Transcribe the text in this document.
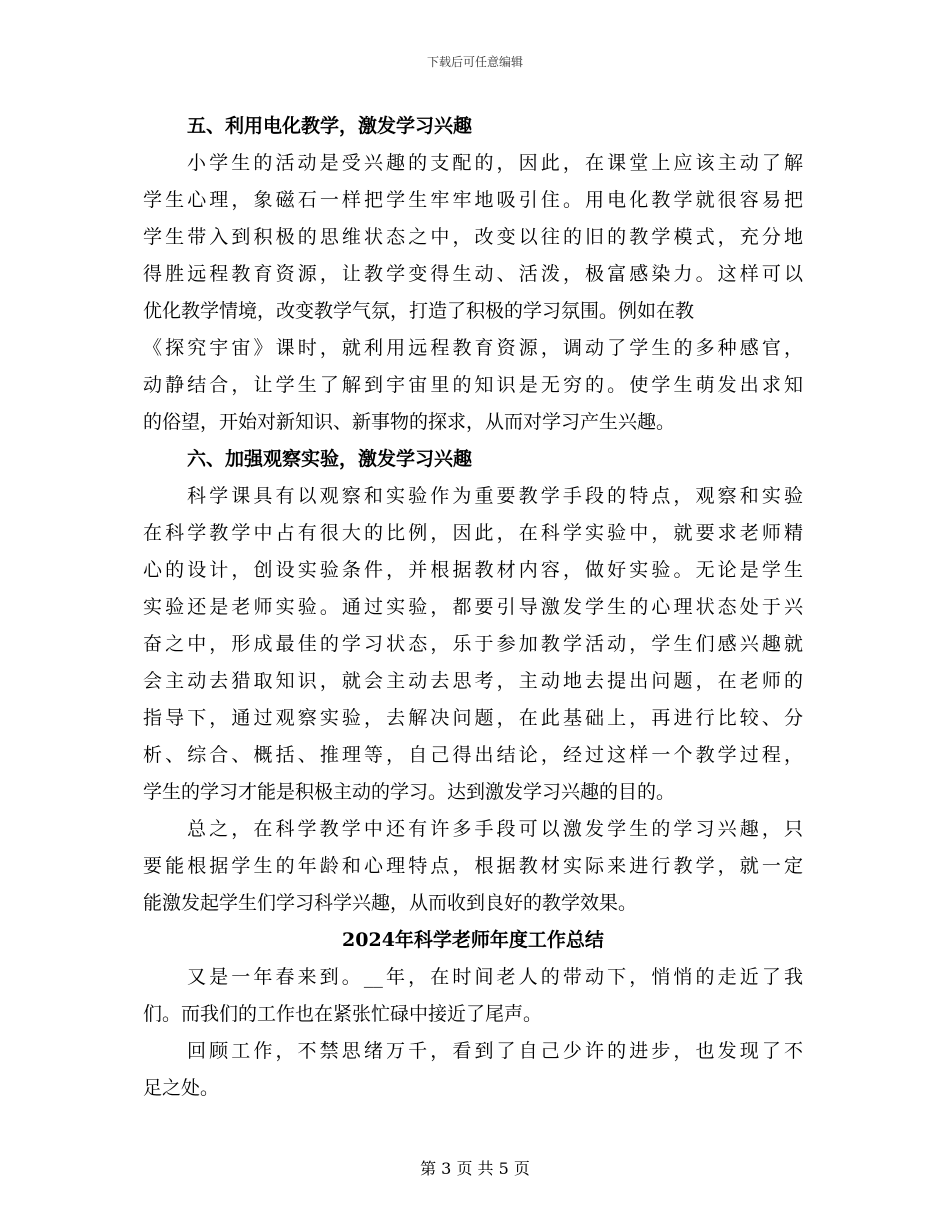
下载后可任意编辑
五、利用电化教学，激发学习兴趣
小学生的活动是受兴趣的支配的，因此，在课堂上应该主动了解
学生心理，象磁石一样把学生牢牢地吸引住。用电化教学就很容易把
学生带入到积极的思维状态之中，改变以往的旧的教学模式，充分地
得胜远程教育资源，让教学变得生动、活泼，极富感染力。这样可以
优化教学情境，改变教学气氛，打造了积极的学习氛围。例如在教
《探究宇宙》课时，就利用远程教育资源，调动了学生的多种感官，
动静结合，让学生了解到宇宙里的知识是无穷的。使学生萌发出求知
的俗望，开始对新知识、新事物的探求，从而对学习产生兴趣。
六、加强观察实验，激发学习兴趣
科学课具有以观察和实验作为重要教学手段的特点，观察和实验
在科学教学中占有很大的比例，因此，在科学实验中，就要求老师精
心的设计，创设实验条件，并根据教材内容，做好实验。无论是学生
实验还是老师实验。通过实验，都要引导激发学生的心理状态处于兴
奋之中，形成最佳的学习状态，乐于参加教学活动，学生们感兴趣就
会主动去猎取知识，就会主动去思考，主动地去提出问题，在老师的
指导下，通过观察实验，去解决问题，在此基础上，再进行比较、分
析、综合、概括、推理等，自己得出结论，经过这样一个教学过程，
学生的学习才能是积极主动的学习。达到激发学习兴趣的目的。
总之，在科学教学中还有许多手段可以激发学生的学习兴趣，只
要能根据学生的年龄和心理特点，根据教材实际来进行教学，就一定
能激发起学生们学习科学兴趣，从而收到良好的教学效果。
2024年科学老师年度工作总结
又是一年春来到。__年，在时间老人的带动下，悄悄的走近了我
们。而我们的工作也在紧张忙碌中接近了尾声。
回顾工作，不禁思绪万千，看到了自己少许的进步，也发现了不
足之处。
第 3 页 共 5 页
